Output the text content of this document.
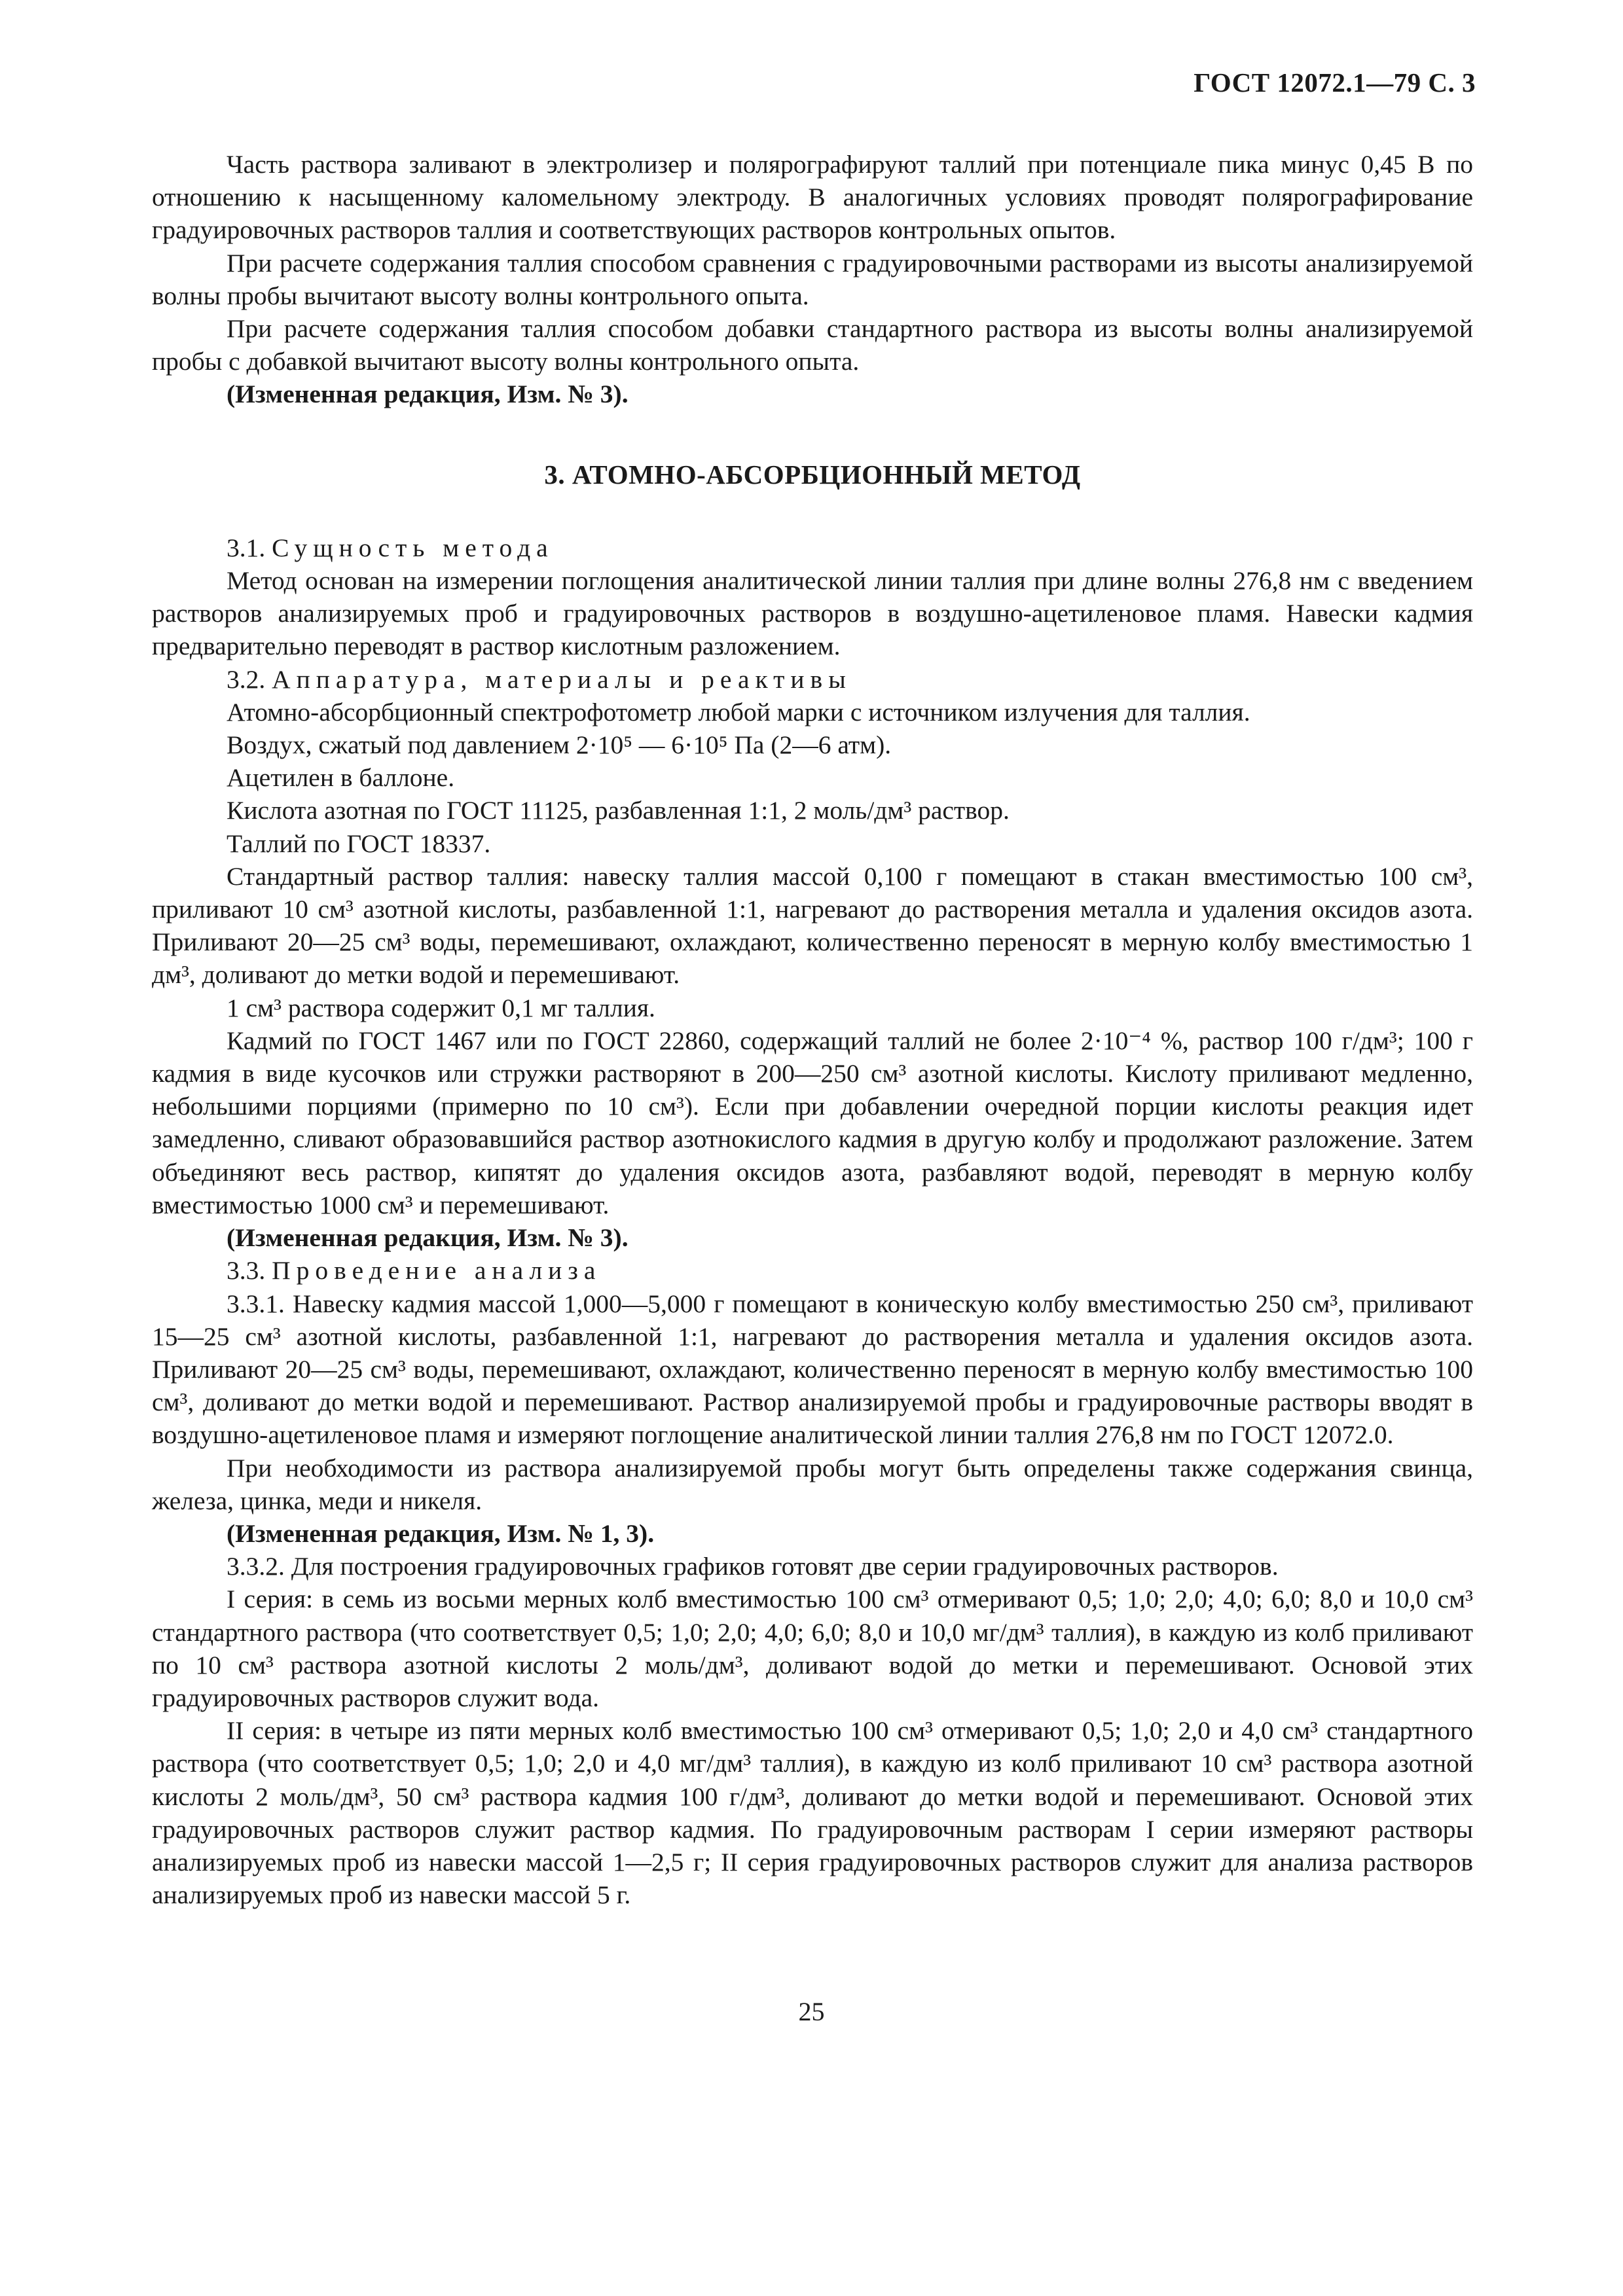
ГОСТ 12072.1—79 С. 3

Часть раствора заливают в электролизер и полярографируют таллий при потенциале пика минус 0,45 В по отношению к насыщенному каломельному электроду. В аналогичных условиях проводят полярографирование градуировочных растворов таллия и соответствующих растворов контрольных опытов.

При расчете содержания таллия способом сравнения с градуировочными растворами из высоты анализируемой волны пробы вычитают высоту волны контрольного опыта.

При расчете содержания таллия способом добавки стандартного раствора из высоты волны анализируемой пробы с добавкой вычитают высоту волны контрольного опыта.

(Измененная редакция, Изм. № 3).

3. АТОМНО-АБСОРБЦИОННЫЙ МЕТОД

3.1. Сущность метода

Метод основан на измерении поглощения аналитической линии таллия при длине волны 276,8 нм с введением растворов анализируемых проб и градуировочных растворов в воздушно-ацетиленовое пламя. Навески кадмия предварительно переводят в раствор кислотным разложением.

3.2. Аппаратура, материалы и реактивы

Атомно-абсорбционный спектрофотометр любой марки с источником излучения для таллия.

Воздух, сжатый под давлением 2·10⁵ — 6·10⁵ Па (2—6 атм).

Ацетилен в баллоне.

Кислота азотная по ГОСТ 11125, разбавленная 1:1, 2 моль/дм³ раствор.

Таллий по ГОСТ 18337.

Стандартный раствор таллия: навеску таллия массой 0,100 г помещают в стакан вместимостью 100 см³, приливают 10 см³ азотной кислоты, разбавленной 1:1, нагревают до растворения металла и удаления оксидов азота. Приливают 20—25 см³ воды, перемешивают, охлаждают, количественно переносят в мерную колбу вместимостью 1 дм³, доливают до метки водой и перемешивают.

1 см³ раствора содержит 0,1 мг таллия.

Кадмий по ГОСТ 1467 или по ГОСТ 22860, содержащий таллий не более 2·10⁻⁴ %, раствор 100 г/дм³; 100 г кадмия в виде кусочков или стружки растворяют в 200—250 см³ азотной кислоты. Кислоту приливают медленно, небольшими порциями (примерно по 10 см³). Если при добавлении очередной порции кислоты реакция идет замедленно, сливают образовавшийся раствор азотнокислого кадмия в другую колбу и продолжают разложение. Затем объединяют весь раствор, кипятят до удаления оксидов азота, разбавляют водой, переводят в мерную колбу вместимостью 1000 см³ и перемешивают.

(Измененная редакция, Изм. № 3).

3.3. Проведение анализа

3.3.1. Навеску кадмия массой 1,000—5,000 г помещают в коническую колбу вместимостью 250 см³, приливают 15—25 см³ азотной кислоты, разбавленной 1:1, нагревают до растворения металла и удаления оксидов азота. Приливают 20—25 см³ воды, перемешивают, охлаждают, количественно переносят в мерную колбу вместимостью 100 см³, доливают до метки водой и перемешивают. Раствор анализируемой пробы и градуировочные растворы вводят в воздушно-ацетиленовое пламя и измеряют поглощение аналитической линии таллия 276,8 нм по ГОСТ 12072.0.

При необходимости из раствора анализируемой пробы могут быть определены также содержания свинца, железа, цинка, меди и никеля.

(Измененная редакция, Изм. № 1, 3).

3.3.2. Для построения градуировочных графиков готовят две серии градуировочных растворов.

I серия: в семь из восьми мерных колб вместимостью 100 см³ отмеривают 0,5; 1,0; 2,0; 4,0; 6,0; 8,0 и 10,0 см³ стандартного раствора (что соответствует 0,5; 1,0; 2,0; 4,0; 6,0; 8,0 и 10,0 мг/дм³ таллия), в каждую из колб приливают по 10 см³ раствора азотной кислоты 2 моль/дм³, доливают водой до метки и перемешивают. Основой этих градуировочных растворов служит вода.

II серия: в четыре из пяти мерных колб вместимостью 100 см³ отмеривают 0,5; 1,0; 2,0 и 4,0 см³ стандартного раствора (что соответствует 0,5; 1,0; 2,0 и 4,0 мг/дм³ таллия), в каждую из колб приливают 10 см³ раствора азотной кислоты 2 моль/дм³, 50 см³ раствора кадмия 100 г/дм³, доливают до метки водой и перемешивают. Основой этих градуировочных растворов служит раствор кадмия. По градуировочным растворам I серии измеряют растворы анализируемых проб из навески массой 1—2,5 г; II серия градуировочных растворов служит для анализа растворов анализируемых проб из навески массой 5 г.

25
